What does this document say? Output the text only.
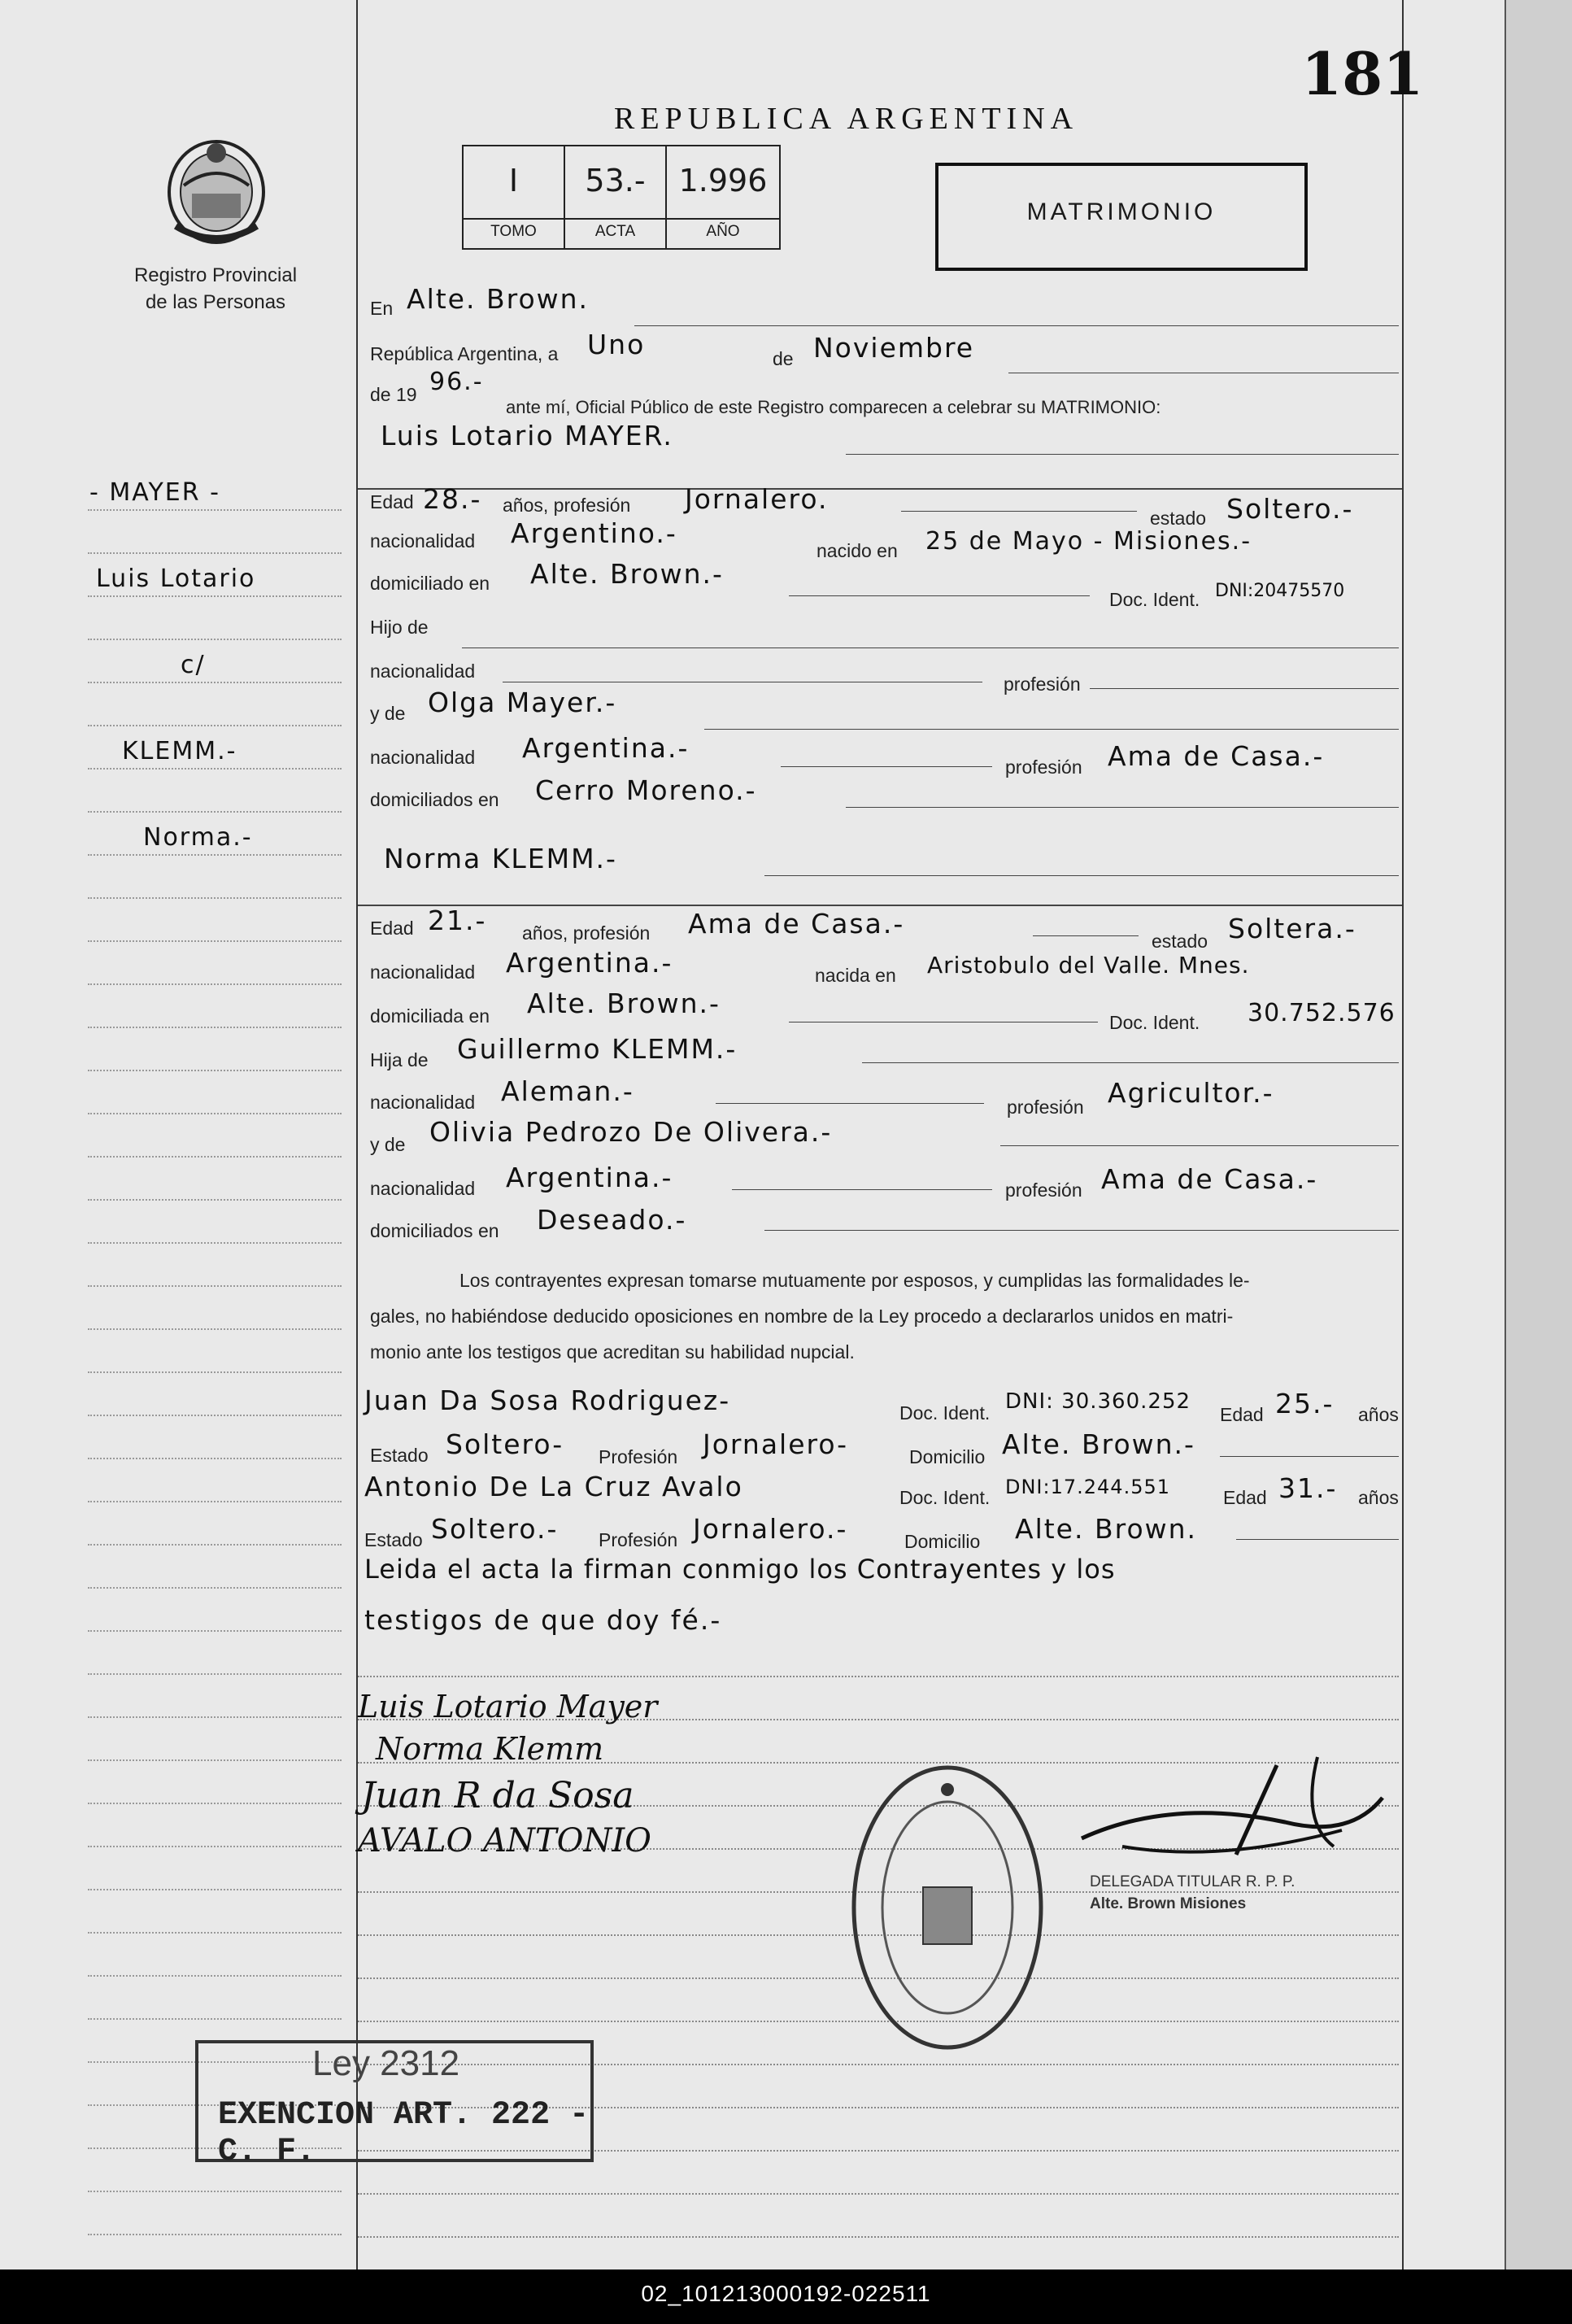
Registro Provincial
de las Personas
181
REPUBLICA ARGENTINA
I
TOMO
53.-
ACTA
1.996
AÑO
MATRIMONIO
- MAYER -
Luis Lotario
c/
KLEMM.-
Norma.-
En Alte. Brown.
República Argentina, a Uno	de Noviembre
de 19 96.-
ante mí, Oficial Público de este Registro comparecen a celebrar su MATRIMONIO:
Luis Lotario MAYER.
Edad 28.- años, profesión Jornalero.
estado Soltero.-
nacionalidad Argentino.-
nacido en 25 de Mayo - Misiones.-
domiciliado en Alte. Brown.-
Doc. Ident. DNI:20475570
Hijo de
nacionalidad
profesión
y de Olga Mayer.-
nacionalidad Argentina.-
profesión Ama de Casa.-
domiciliados en Cerro Moreno.-
Norma KLEMM.-
Edad 21.- años, profesión Ama de Casa.-
estado Soltera.-
nacionalidad Argentina.-	nacida en Aristobulo del Valle. Mnes.
domiciliada en Alte. Brown.-
Doc. Ident. 30.752.576
Hija de Guillermo KLEMM.-
nacionalidad Aleman.-	profesión Agricultor.-
y de Olivia Pedrozo De Olivera.-
nacionalidad Argentina.-	profesión Ama de Casa.-
domiciliados en Deseado.-
Los contrayentes expresan tomarse mutuamente por esposos, y cumplidas las formalidades le-
gales, no habiéndose deducido oposiciones en nombre de la Ley procedo a declararlos unidos en matri-
monio ante los testigos que acreditan su habilidad nupcial.
Juan Da Sosa Rodriguez-	Doc. Ident. DNI: 30.360.252
Edad 25.- años
Estado Soltero- Profesión Jornalero-	Domicilio Alte. Brown.-
Antonio De La Cruz Avalo	Doc. Ident. DNI:17.244.551	Edad 31.- años
Estado Soltero.- Profesión Jornalero.-	Domicilio Alte. Brown.
Leida el acta la firman conmigo los Contrayentes y los
testigos de que doy fé.-
Luis Lotario Mayer
Norma Klemm
Juan R da Sosa
AVALO ANTONIO
DELEGADA TITULAR R. P. P.
Alte. Brown Misiones
Ley 2312
EXENCION ART. 222 - C. F.
02_101213000192-022511
